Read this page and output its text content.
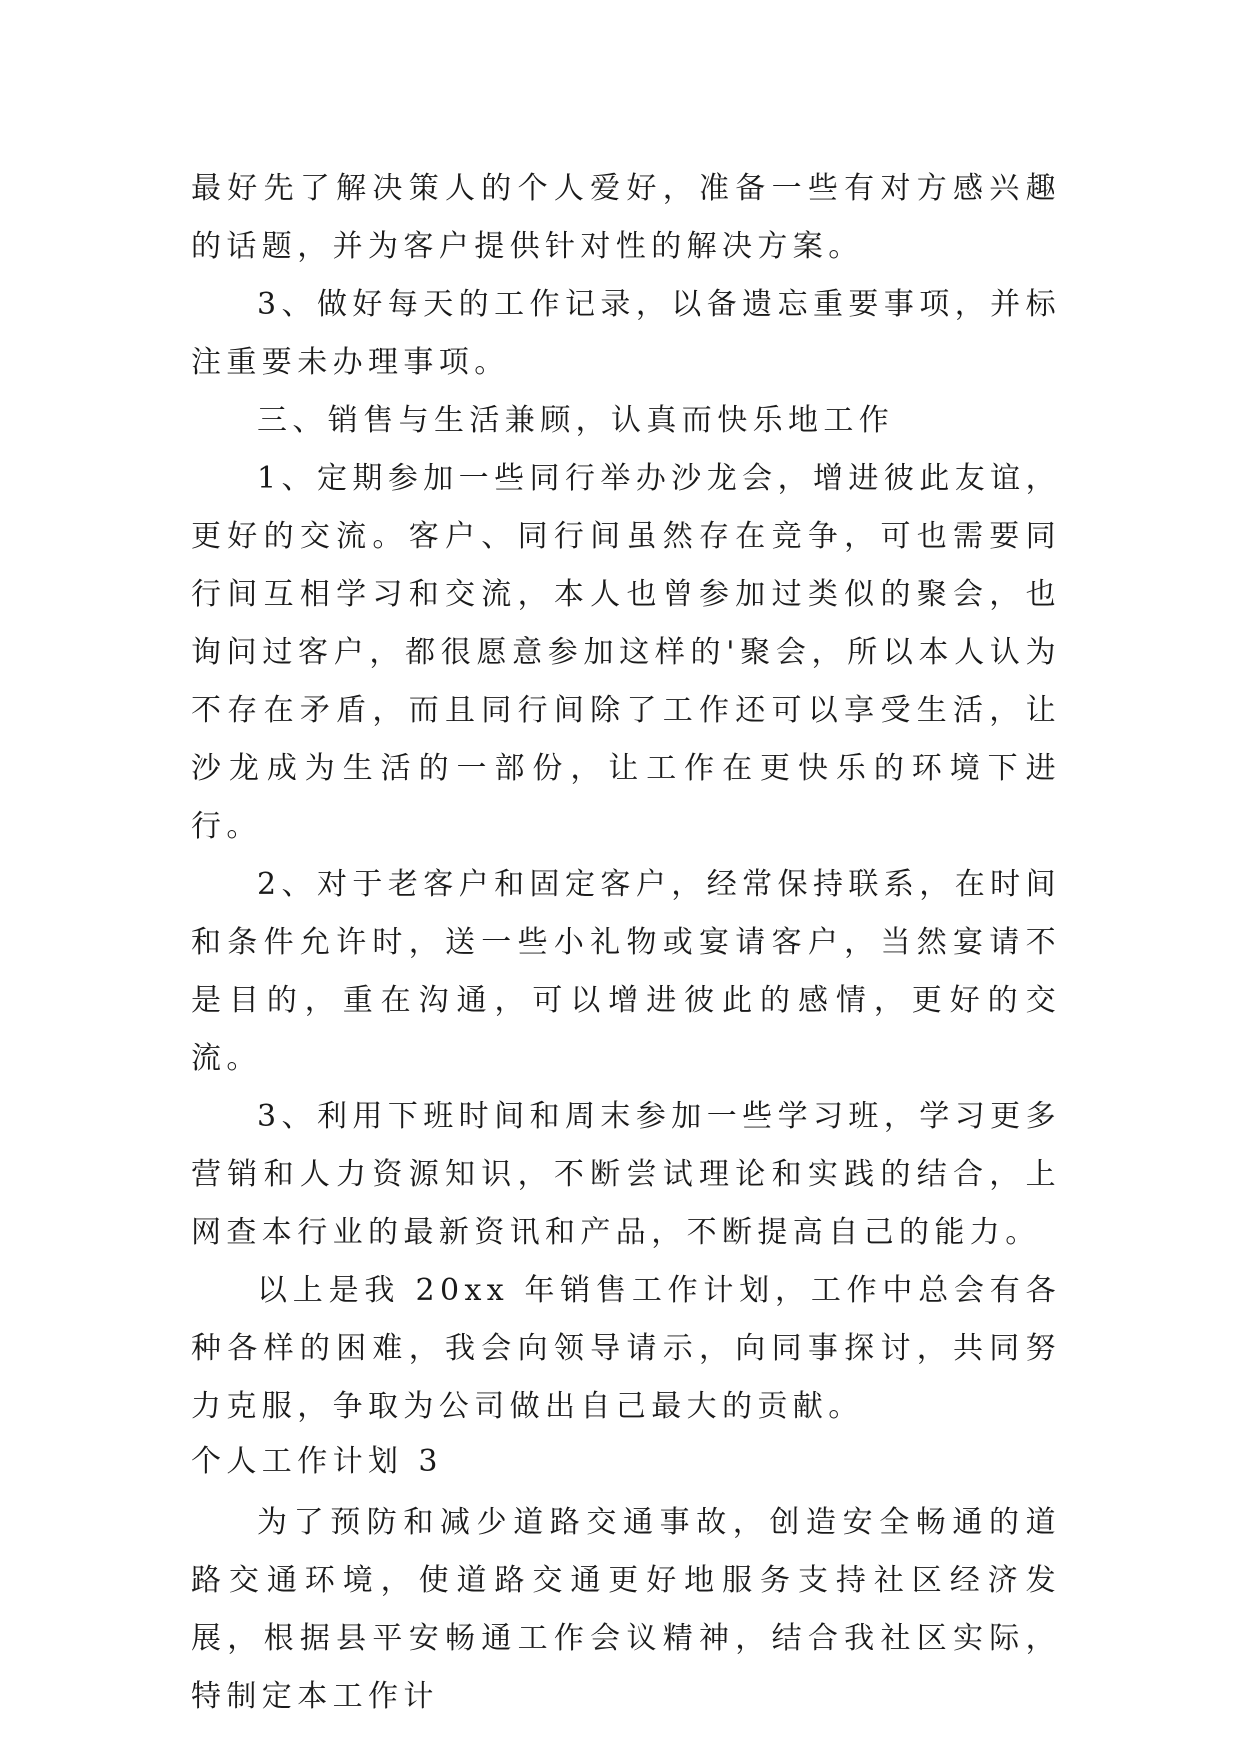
最好先了解决策人的个人爱好，准备一些有对方感兴趣的话题，并为客户提供针对性的解决方案。

3、做好每天的工作记录，以备遗忘重要事项，并标注重要未办理事项。

三、销售与生活兼顾，认真而快乐地工作

1、定期参加一些同行举办沙龙会，增进彼此友谊，更好的交流。客户、同行间虽然存在竞争，可也需要同行间互相学习和交流，本人也曾参加过类似的聚会，也询问过客户，都很愿意参加这样的'聚会，所以本人认为不存在矛盾，而且同行间除了工作还可以享受生活，让沙龙成为生活的一部份，让工作在更快乐的环境下进行。

2、对于老客户和固定客户，经常保持联系，在时间和条件允许时，送一些小礼物或宴请客户，当然宴请不是目的，重在沟通，可以增进彼此的感情，更好的交流。

3、利用下班时间和周末参加一些学习班，学习更多营销和人力资源知识，不断尝试理论和实践的结合，上网查本行业的最新资讯和产品，不断提高自己的能力。

以上是我 20xx 年销售工作计划，工作中总会有各种各样的困难，我会向领导请示，向同事探讨，共同努力克服，争取为公司做出自己最大的贡献。

个人工作计划 3

为了预防和减少道路交通事故，创造安全畅通的道路交通环境，使道路交通更好地服务支持社区经济发展，根据县平安畅通工作会议精神，结合我社区实际，特制定本工作计
